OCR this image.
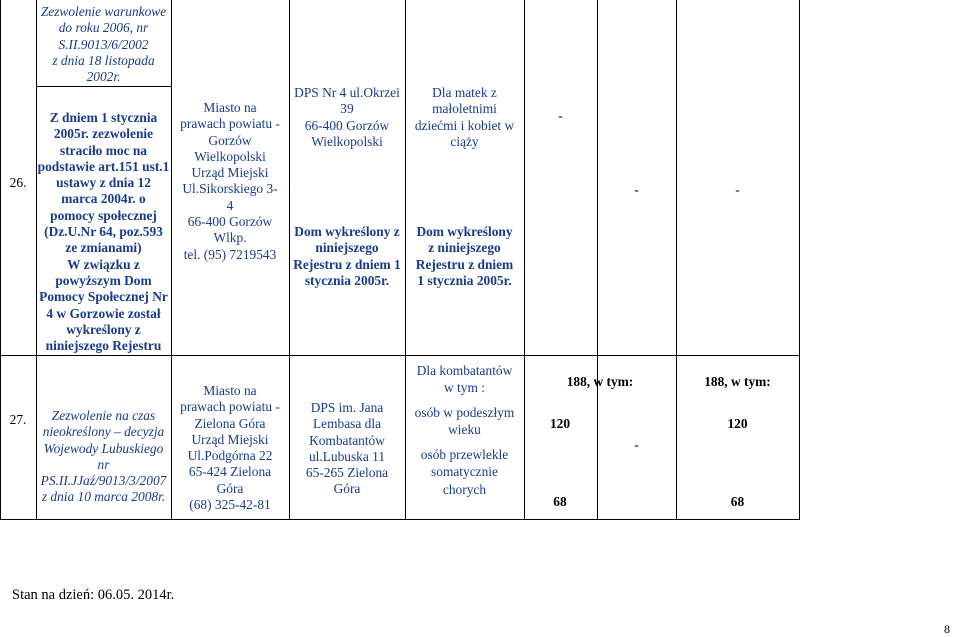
26.
Zezwolenie warunkowe
do roku 2006, nr
S.II.9013/6/2002
z dnia 18 listopada
2002r.
Z dniem 1 stycznia
2005r. zezwolenie
straciło moc na
podstawie art.151 ust.1
ustawy z dnia 12
marca 2004r. o
pomocy społecznej
(Dz.U.Nr 64, poz.593
ze zmianami)
W związku z
powyższym Dom
Pomocy Społecznej Nr
4 w Gorzowie został
wykreślony z
niniejszego Rejestru
Miasto na
prawach powiatu -
Gorzów
Wielkopolski
Urząd Miejski
Ul.Sikorskiego 3-
4
66-400 Gorzów
Wlkp.
tel. (95) 7219543
DPS Nr 4 ul.Okrzei
39
66-400 Gorzów
Wielkopolski
Dom wykreślony z
niniejszego
Rejestru z dniem 1
stycznia 2005r.
Dla matek z
małoletnimi
dziećmi i kobiet w
ciąży
Dom wykreślony
z niniejszego
Rejestru z dniem
1 stycznia 2005r.
-
-	-
27.	Zezwolenie na czas
nieokreślony – decyzja
Wojewody Lubuskiego
nr
PS.II.JJaź/9013/3/2007
z dnia 10 marca 2008r.
Miasto na
prawach powiatu -
Zielona Góra
Urząd Miejski
Ul.Podgórna 22
65-424 Zielona
Góra
(68) 325-42-81
DPS im. Jana
Lembasa dla
Kombatantów
ul.Lubuska 11
65-265 Zielona
Góra
Dla kombatantów
w tym :
osób w podeszłym
wieku
osób przewlekle
somatycznie
chorych
188, w tym:
120
68
-
188, w tym:
120
68
Stan na dzień: 06.05. 2014r.
8
